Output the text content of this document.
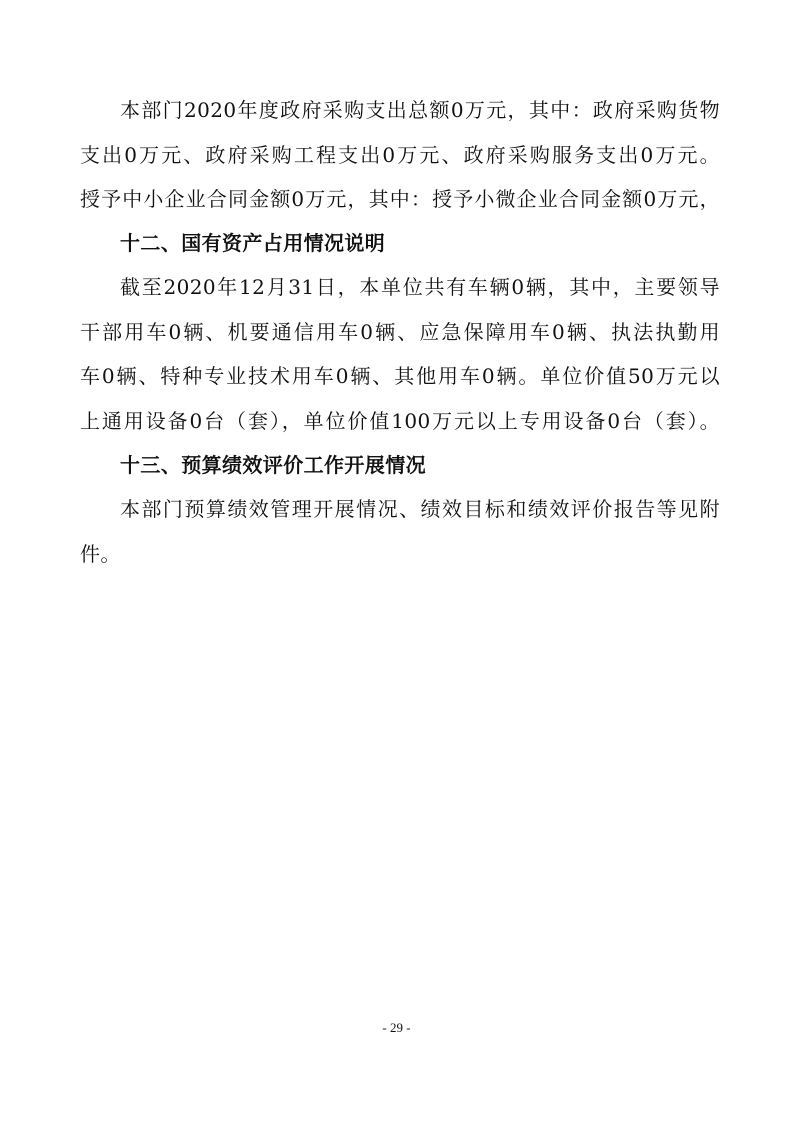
本部门2020年度政府采购支出总额0万元，其中：政府采购货物
支出0万元、政府采购工程支出0万元、政府采购服务支出0万元。
授予中小企业合同金额0万元，其中：授予小微企业合同金额0万元，
十二、国有资产占用情况说明
截至2020年12月31日，本单位共有车辆0辆，其中，主要领导
干部用车0辆、机要通信用车0辆、应急保障用车0辆、执法执勤用
车0辆、特种专业技术用车0辆、其他用车0辆。单位价值50万元以
上通用设备0台（套），单位价值100万元以上专用设备0台（套）。
十三、预算绩效评价工作开展情况
本部门预算绩效管理开展情况、绩效目标和绩效评价报告等见附
件。
- 29 -
